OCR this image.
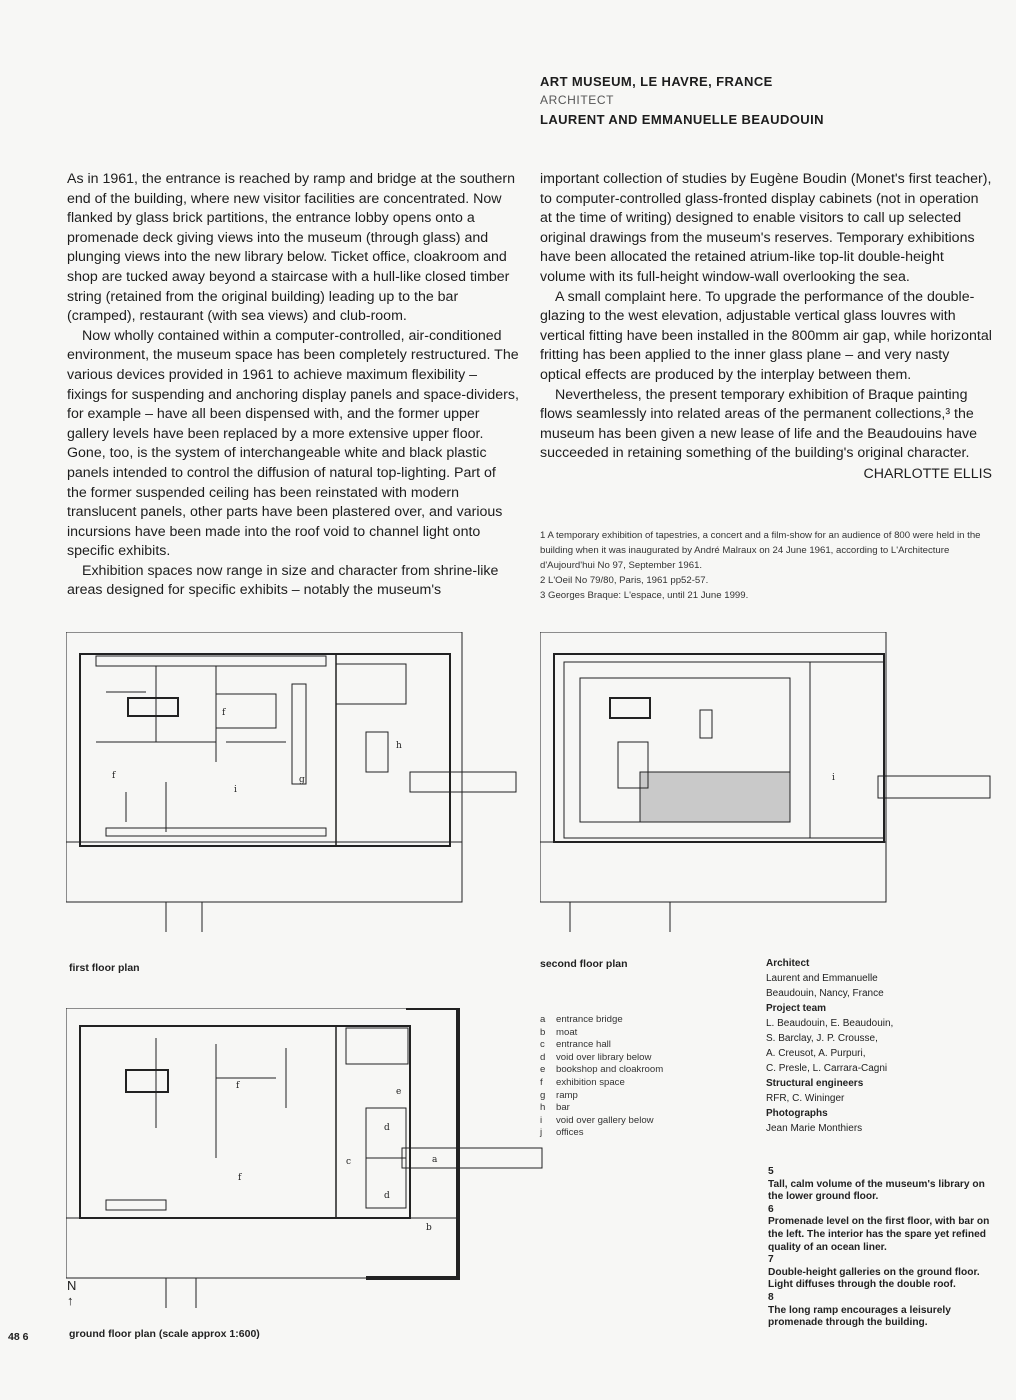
ART MUSEUM, LE HAVRE, FRANCE
ARCHITECT
LAURENT AND EMMANUELLE BEAUDOUIN

As in 1961, the entrance is reached by ramp and bridge at the southern end of the building, where new visitor facilities are concentrated. Now flanked by glass brick partitions, the entrance lobby opens onto a promenade deck giving views into the museum (through glass) and plunging views into the new library below. Ticket office, cloakroom and shop are tucked away beyond a staircase with a hull-like closed timber string (retained from the original building) leading up to the bar (cramped), restaurant (with sea views) and club-room.

Now wholly contained within a computer-controlled, air-conditioned environment, the museum space has been completely restructured. The various devices provided in 1961 to achieve maximum flexibility – fixings for suspending and anchoring display panels and space-dividers, for example – have all been dispensed with, and the former upper gallery levels have been replaced by a more extensive upper floor. Gone, too, is the system of interchangeable white and black plastic panels intended to control the diffusion of natural top-lighting. Part of the former suspended ceiling has been reinstated with modern translucent panels, other parts have been plastered over, and various incursions have been made into the roof void to channel light onto specific exhibits.

Exhibition spaces now range in size and character from shrine-like areas designed for specific exhibits – notably the museum's

important collection of studies by Eugène Boudin (Monet's first teacher), to computer-controlled glass-fronted display cabinets (not in operation at the time of writing) designed to enable visitors to call up selected original drawings from the museum's reserves. Temporary exhibitions have been allocated the retained atrium-like top-lit double-height volume with its full-height window-wall overlooking the sea.

A small complaint here. To upgrade the performance of the double-glazing to the west elevation, adjustable vertical glass louvres with vertical fitting have been installed in the 800mm air gap, while horizontal fritting has been applied to the inner glass plane – and very nasty optical effects are produced by the interplay between them.

Nevertheless, the present temporary exhibition of Braque painting flows seamlessly into related areas of the permanent collections,³ the museum has been given a new lease of life and the Beaudouins have succeeded in retaining something of the building's original character.

CHARLOTTE ELLIS

1 A temporary exhibition of tapestries, a concert and a film-show for an audience of 800 were held in the building when it was inaugurated by André Malraux on 24 June 1961, according to L'Architecture d'Aujourd'hui No 97, September 1961.

2 L'Oeil No 79/80, Paris, 1961 pp52-57.

3 Georges Braque: L'espace, until 21 June 1999.

f
f
i
g
h
i
first floor plan	second floor plan
f
f
e
d
c	a
d
b
N
↑
ground floor plan (scale approx 1:600)
a	entrance bridge
b	moat
c	entrance hall
d	void over library below
e	bookshop and cloakroom
f	exhibition space
g	ramp
h	bar
i	void over gallery below
j	offices
Architect
Laurent and Emmanuelle
Beaudouin, Nancy, France
Project team
L. Beaudouin, E. Beaudouin,
S. Barclay, J. P. Crousse,
A. Creusot, A. Purpuri,
C. Presle, L. Carrara-Cagni
Structural engineers
RFR, C. Wininger
Photographs
Jean Marie Monthiers
5
Tall, calm volume of the museum's library on the lower ground floor.
6
Promenade level on the first floor, with bar on the left. The interior has the spare yet refined quality of an ocean liner.
7
Double-height galleries on the ground floor. Light diffuses through the double roof.
8
The long ramp encourages a leisurely promenade through the building.
48 6
